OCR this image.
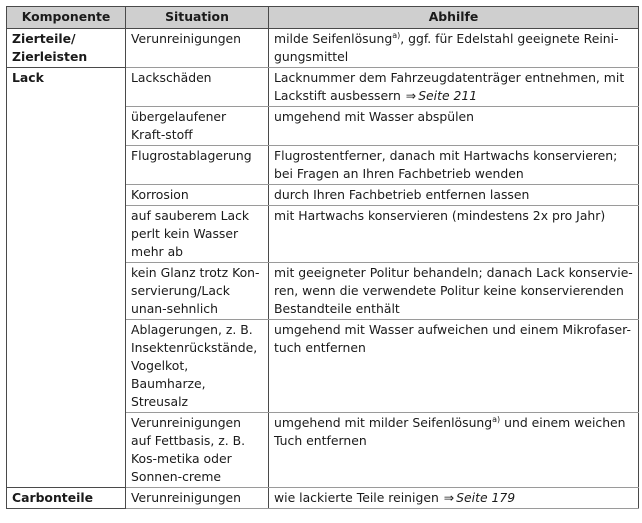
Komponente	Situation	Abhilfe
Zierteile/ Zierleisten	Verunreinigungen	milde Seifenlösung$^{a)}$, ggf. für Edelstahl geeignete Reini-gungsmittel
Lack	Lackschäden	Lacknummer dem Fahrzeugdatenträger entnehmen, mit Lackstift ausbessern ⇒ Seite 211
	übergelaufener Kraft-stoff	umgehend mit Wasser abspülen
	Flugrostablagerung	Flugrostentferner, danach mit Hartwachs konservieren; bei Fragen an Ihren Fachbetrieb wenden
	Korrosion	durch Ihren Fachbetrieb entfernen lassen
	auf sauberem Lack perlt kein Wasser mehr ab	mit Hartwachs konservieren (mindestens 2x pro Jahr)
	kein Glanz trotz Kon-servierung/Lack unan-sehnlich	mit geeigneter Politur behandeln; danach Lack konservie-ren, wenn die verwendete Politur keine konservierenden Bestandteile enthält
	Ablagerungen, z. B. Insektenrückstände, Vogelkot, Baumharze, Streusalz	umgehend mit Wasser aufweichen und einem Mikrofaser-tuch entfernen
	Verunreinigungen auf Fettbasis, z. B. Kos-metika oder Sonnen-creme	umgehend mit milder Seifenlösung$^{a)}$ und einem weichen Tuch entfernen
Carbonteile	Verunreinigungen	wie lackierte Teile reinigen ⇒ Seite 179
